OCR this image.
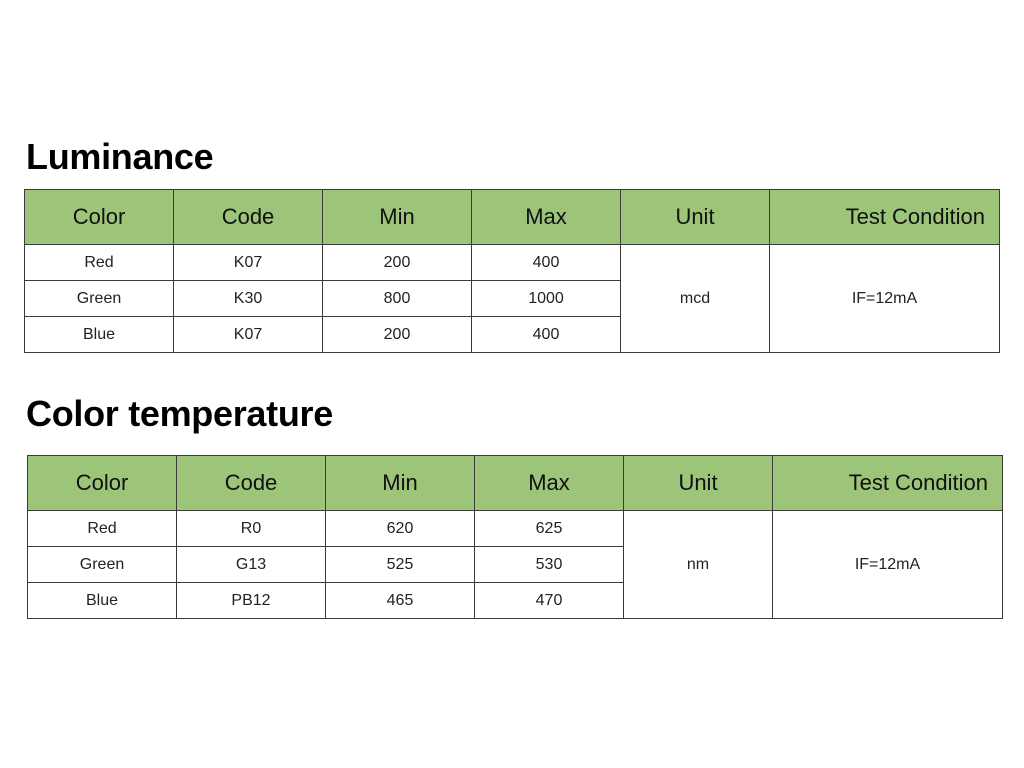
Luminance
Color	Code	Min	Max	Unit	Test Condition
Red	K07	200	400	mcd	IF=12mA
Green	K30	800	1000		
Blue	K07	200	400		
Color temperature
Color	Code	Min	Max	Unit	Test Condition
Red	R0	620	625	nm	IF=12mA
Green	G13	525	530		
Blue	PB12	465	470		
